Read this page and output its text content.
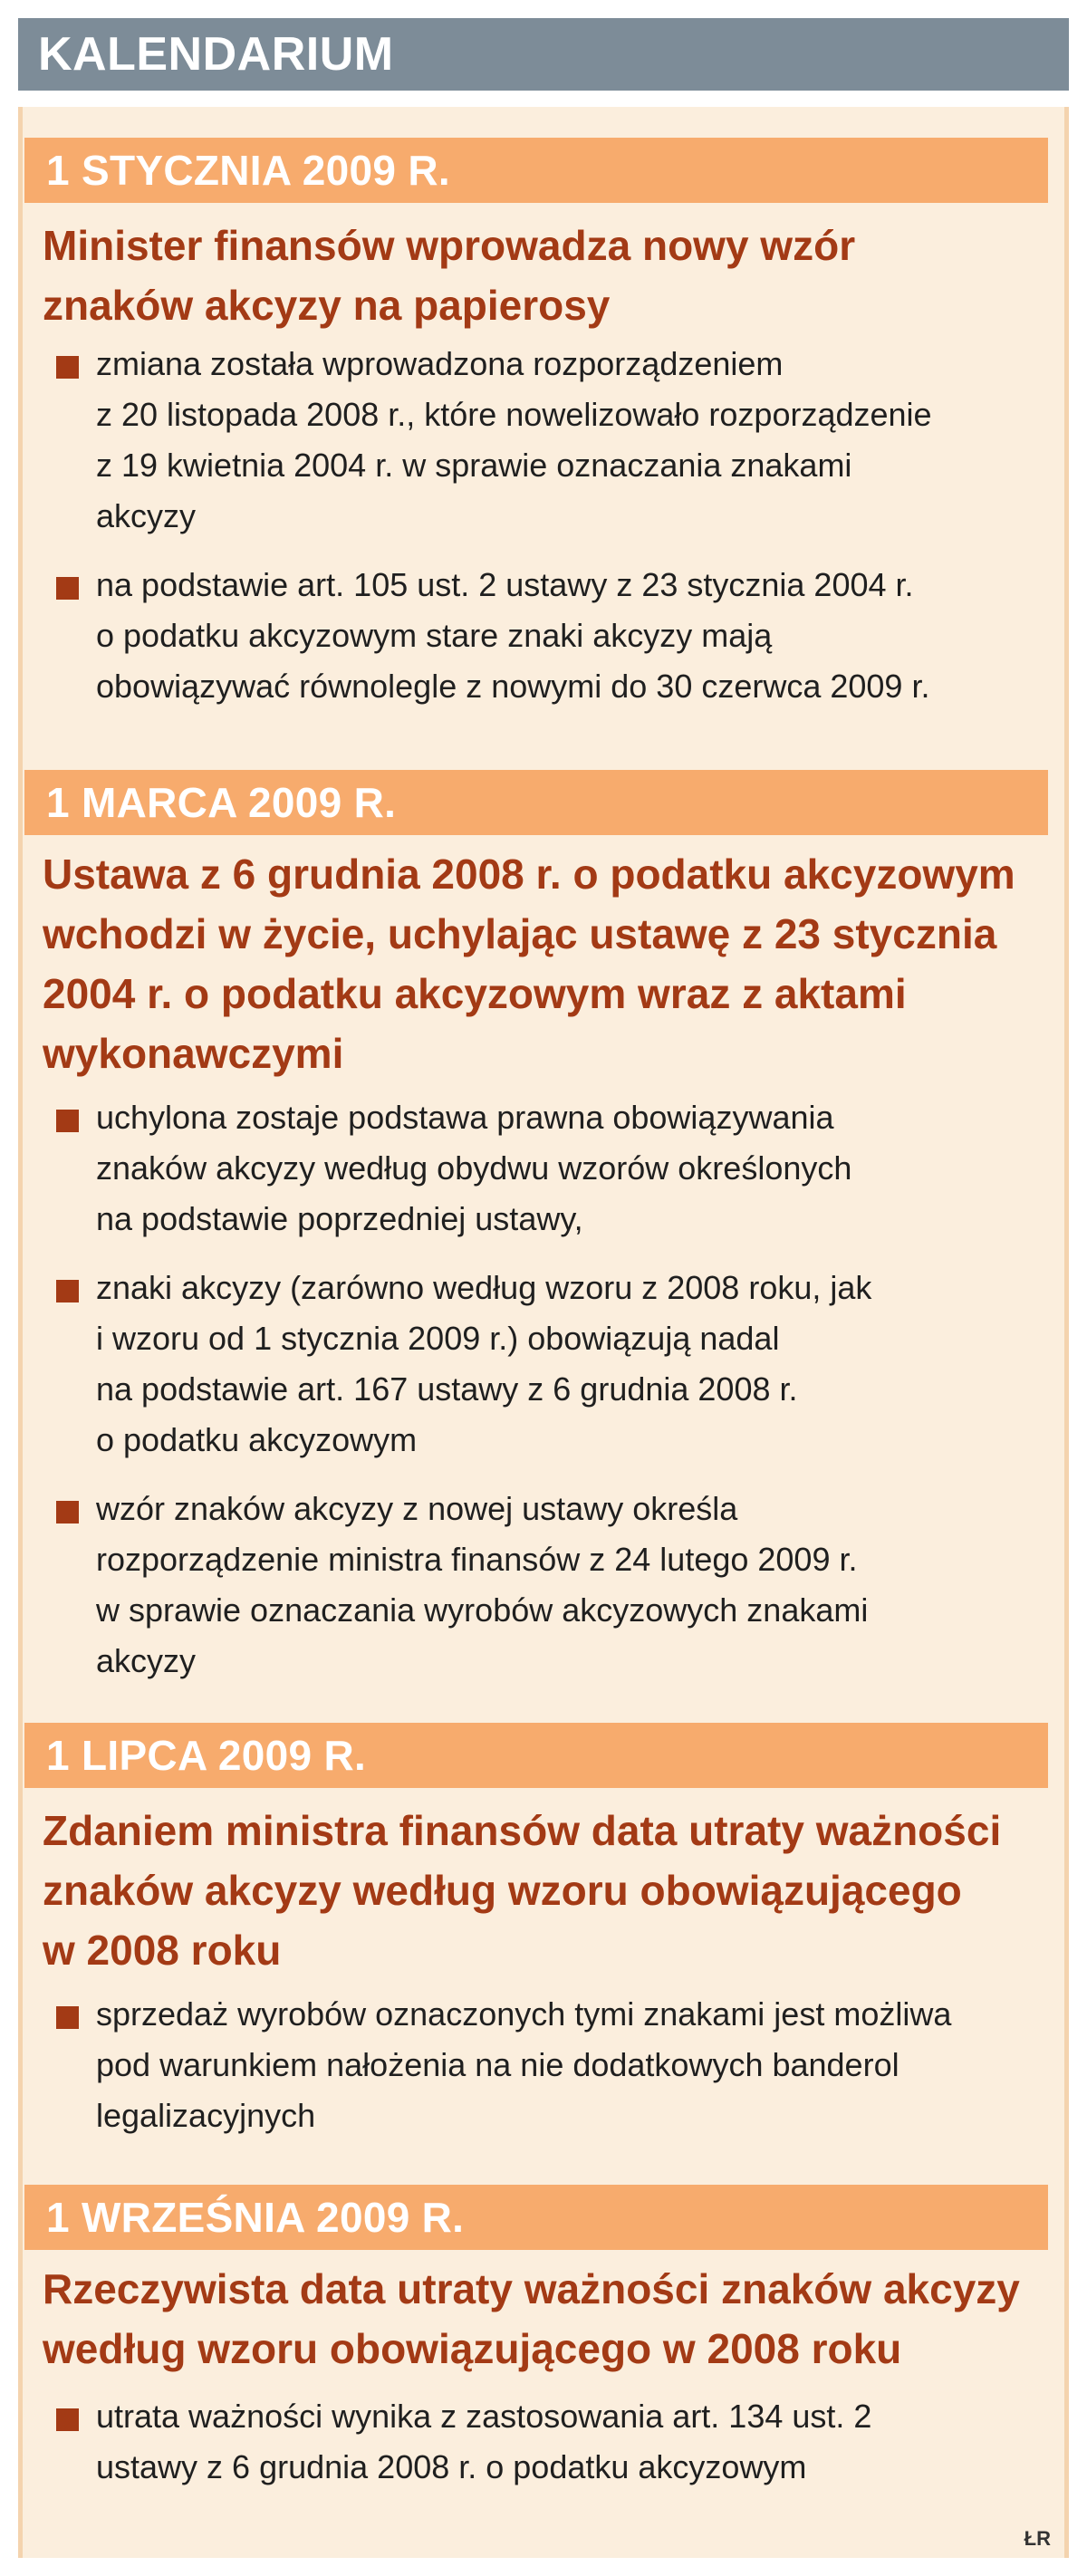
KALENDARIUM
1 STYCZNIA 2009 R.
Minister finansów wprowadza nowy wzór
znaków akcyzy na papierosy
zmiana została wprowadzona rozporządzeniem
z 20 listopada 2008 r., które nowelizowało rozporządzenie
z 19 kwietnia 2004 r. w sprawie oznaczania znakami
akcyzy
na podstawie art. 105 ust. 2 ustawy z 23 stycznia 2004 r.
o podatku akcyzowym stare znaki akcyzy mają
obowiązywać równolegle z nowymi do 30 czerwca 2009 r.
1 MARCA 2009 R.
Ustawa z 6 grudnia 2008 r. o podatku akcyzowym
wchodzi w życie, uchylając ustawę z 23 stycznia
2004 r. o podatku akcyzowym wraz z aktami
wykonawczymi
uchylona zostaje podstawa prawna obowiązywania
znaków akcyzy według obydwu wzorów określonych
na podstawie poprzedniej ustawy,
znaki akcyzy (zarówno według wzoru z 2008 roku, jak
i wzoru od 1 stycznia 2009 r.) obowiązują nadal
na podstawie art. 167 ustawy z 6 grudnia 2008 r.
o podatku akcyzowym
wzór znaków akcyzy z nowej ustawy określa
rozporządzenie ministra finansów z 24 lutego 2009 r.
w sprawie oznaczania wyrobów akcyzowych znakami
akcyzy
1 LIPCA 2009 R.
Zdaniem ministra finansów data utraty ważności
znaków akcyzy według wzoru obowiązującego
w 2008 roku
sprzedaż wyrobów oznaczonych tymi znakami jest możliwa
pod warunkiem nałożenia na nie dodatkowych banderol
legalizacyjnych
1 WRZEŚNIA 2009 R.
Rzeczywista data utraty ważności znaków akcyzy
według wzoru obowiązującego w 2008 roku
utrata ważności wynika z zastosowania art. 134 ust. 2
ustawy z 6 grudnia 2008 r. o podatku akcyzowym
ŁR
